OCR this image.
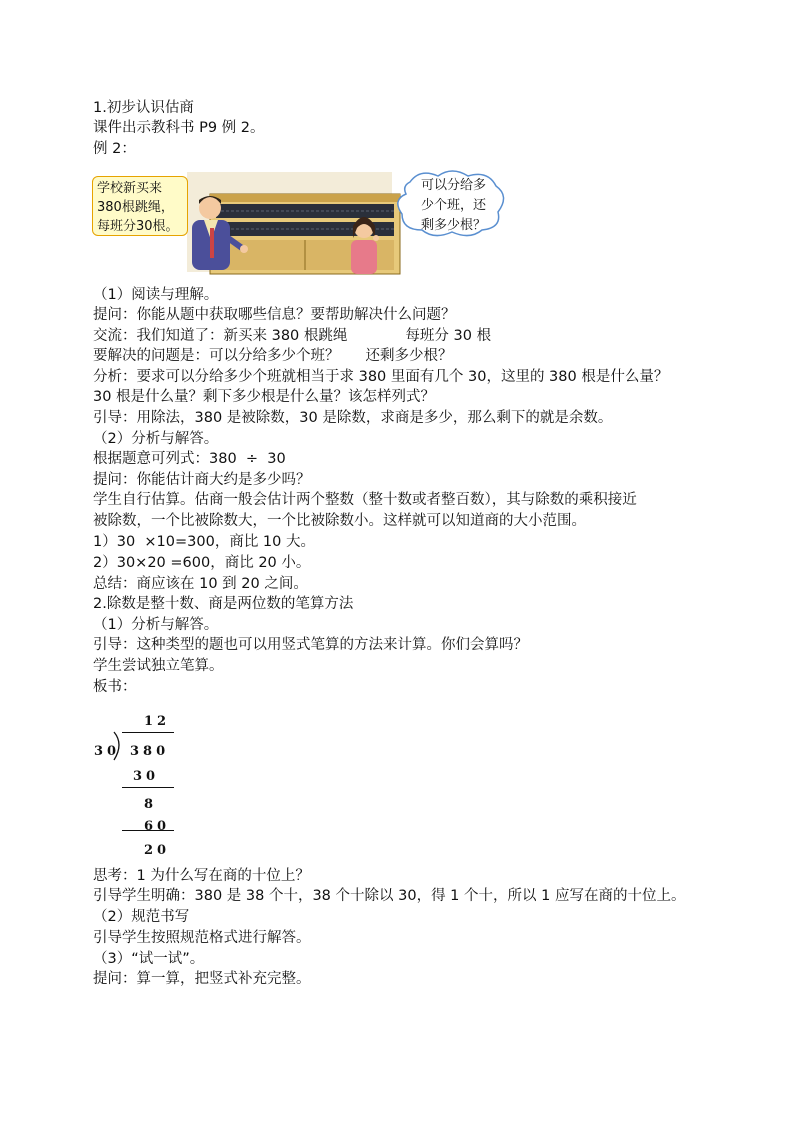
1.初步认识估商
课件出示教科书 P9 例 2。
例 2：
学校新买来
380根跳绳，
每班分30根。
可以分给多
少个班，还
剩多少根？
（1）阅读与理解。
提问：你能从题中获取哪些信息？要帮助解决什么问题？
交流：我们知道了：新买来 380 根跳绳	每班分 30 根
要解决的问题是：可以分给多少个班？ 还剩多少根？
分析：要求可以分给多少个班就相当于求 380 里面有几个 30，这里的 380 根是什么量？
30 根是什么量？剩下多少根是什么量？该怎样列式？
引导：用除法，380 是被除数，30 是除数，求商是多少，那么剩下的就是余数。
（2）分析与解答。
根据题意可列式：380  ÷  30
提问：你能估计商大约是多少吗？
学生自行估算。估商一般会估计两个整数（整十数或者整百数），其与除数的乘积接近
被除数，一个比被除数大，一个比被除数小。这样就可以知道商的大小范围。
1）30  ×10=300，商比 10 大。
2）30×20 =600，商比 20 小。
总结：商应该在 10 到 20 之间。
2.除数是整十数、商是两位数的笔算方法
（1）分析与解答。
引导：这种类型的题也可以用竖式笔算的方法来计算。你们会算吗？
学生尝试独立笔算。
板书：
12
30 380
30
8
60
20
思考：1 为什么写在商的十位上？
引导学生明确：380 是 38 个十，38 个十除以 30，得 1 个十，所以 1 应写在商的十位上。
（2）规范书写
引导学生按照规范格式进行解答。
（3）“试一试”。
提问：算一算，把竖式补充完整。
